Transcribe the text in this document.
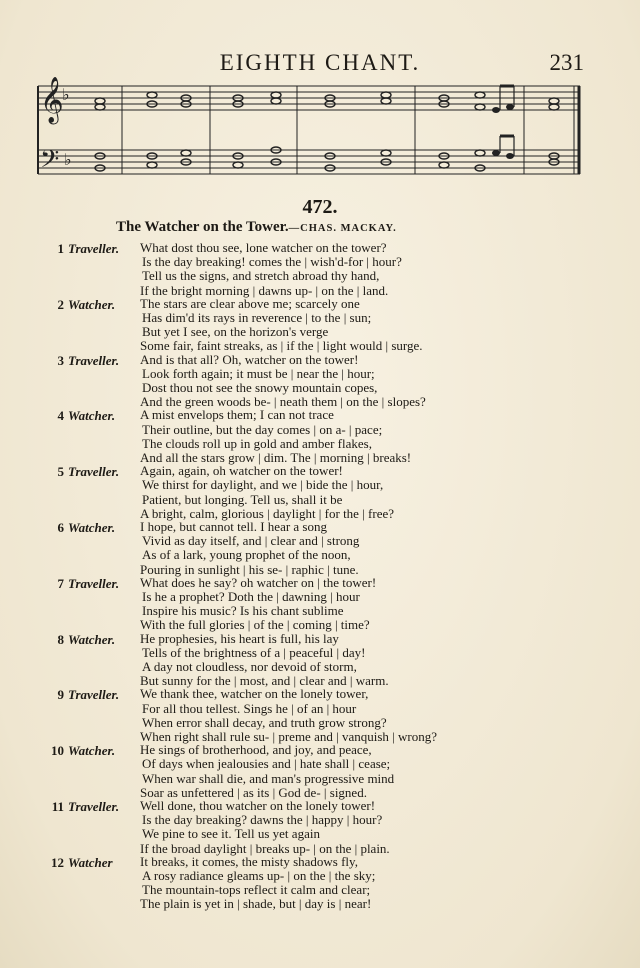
EIGHTH CHANT.	231
𝄞
♭
𝄢 ♭
472.
The Watcher on the Tower.—CHAS. MACKAY.
1 Traveller. What dost thou see, lone watcher on the tower?
Is the day breaking! comes the | wish'd-for | hour?
Tell us the signs, and stretch abroad thy hand,
If the bright morning | dawns up- | on the | land.
2 Watcher. The stars are clear above me; scarcely one
Has dim'd its rays in reverence | to the | sun;
But yet I see, on the horizon's verge
Some fair, faint streaks, as | if the | light would | surge.
3 Traveller. And is that all? Oh, watcher on the tower!
Look forth again; it must be | near the | hour;
Dost thou not see the snowy mountain copes,
And the green woods be- | neath them | on the | slopes?
4 Watcher. A mist envelops them; I can not trace
Their outline, but the day comes | on a- | pace;
The clouds roll up in gold and amber flakes,
And all the stars grow | dim. The | morning | breaks!
5 Traveller. Again, again, oh watcher on the tower!
We thirst for daylight, and we | bide the | hour,
Patient, but longing. Tell us, shall it be
A bright, calm, glorious | daylight | for the | free?
6 Watcher. I hope, but cannot tell. I hear a song
Vivid as day itself, and | clear and | strong
As of a lark, young prophet of the noon,
Pouring in sunlight | his se- | raphic | tune.
7 Traveller. What does he say? oh watcher on | the tower!
Is he a prophet? Doth the | dawning | hour
Inspire his music? Is his chant sublime
With the full glories | of the | coming | time?
8 Watcher. He prophesies, his heart is full, his lay
Tells of the brightness of a | peaceful | day!
A day not cloudless, nor devoid of storm,
But sunny for the | most, and | clear and | warm.
9 Traveller. We thank thee, watcher on the lonely tower,
For all thou tellest. Sings he | of an | hour
When error shall decay, and truth grow strong?
When right shall rule su- | preme and | vanquish | wrong?
10 Watcher. He sings of brotherhood, and joy, and peace,
Of days when jealousies and | hate shall | cease;
When war shall die, and man's progressive mind
Soar as unfettered | as its | God de- | signed.
11 Traveller. Well done, thou watcher on the lonely tower!
Is the day breaking? dawns the | happy | hour?
We pine to see it. Tell us yet again
If the broad daylight | breaks up- | on the | plain.
12 Watcher It breaks, it comes, the misty shadows fly,
A rosy radiance gleams up- | on the | the sky;
The mountain-tops reflect it calm and clear;
The plain is yet in | shade, but | day is | near!
